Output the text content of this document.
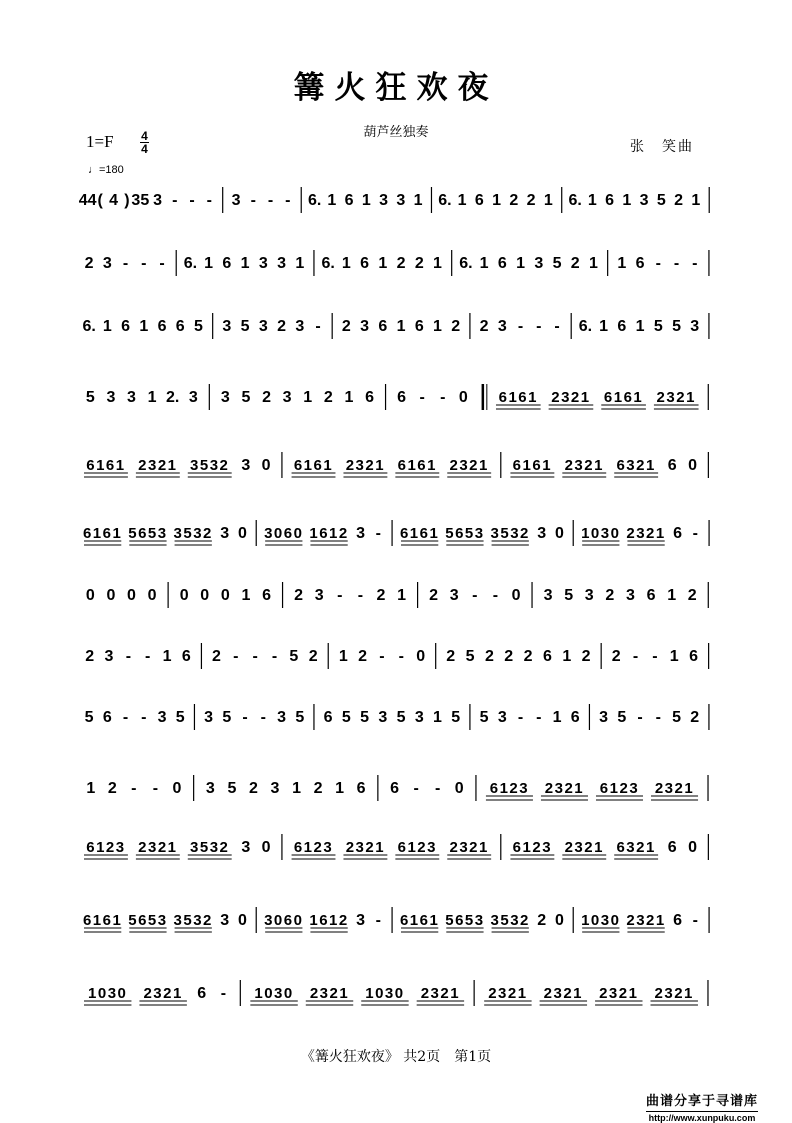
篝火狂欢夜
葫芦丝独奏
1=F 4
4
♩=180
张　笑曲
44 ( 4 ) 35 3 - - - 3 - - - 6. 1 6 1 3 3 1 6. 1 6 1 2 2 1 6. 1 6 1 3 5 2 1
2 3 - - - 6. 1 6 1 3 3 1 6. 1 6 1 2 2 1 6. 1 6 1 3 5 2 1 1 6 - - -
6. 1 6 1 6 6 5 3 5 3 2 3 - 2 3 6 1 6 1 2 2 3 - - - 6. 1 6 1 5 5 3
5 3 3 1 2. 3 3 5 2 3 1 2 1 6 6 - - 0 6161 2321 6161 2321
6161 2321 3532 3 0 6161 2321 6161 2321 6161 2321 6321 6 0
6161 5653 3532 3 0 3060 1612 3 - 6161 5653 3532 3 0 1030 2321 6 -
0 0 0 0 0 0 0 1 6 2 3 - - 2 1 2 3 - - 0 3 5 3 2 3 6 1 2
2 3 - - 1 6 2 - - - 5 2 1 2 - - 0 2 5 2 2 2 6 1 2 2 - - 1 6
5 6 - - 3 5 3 5 - - 3 5 6 5 5 3 5 3 1 5 5 3 - - 1 6 3 5 - - 5 2
1 2 - - 0 3 5 2 3 1 2 1 6 6 - - 0 6123 2321 6123 2321
6123 2321 3532 3 0 6123 2321 6123 2321 6123 2321 6321 6 0
6161 5653 3532 3 0 3060 1612 3 - 6161 5653 3532 2 0 1030 2321 6 -
1030 2321 6 - 1030 2321 1030 2321 2321 2321 2321 2321
《篝火狂欢夜》 共2页　第1页
曲谱分享于寻谱库
http://www.xunpuku.com
